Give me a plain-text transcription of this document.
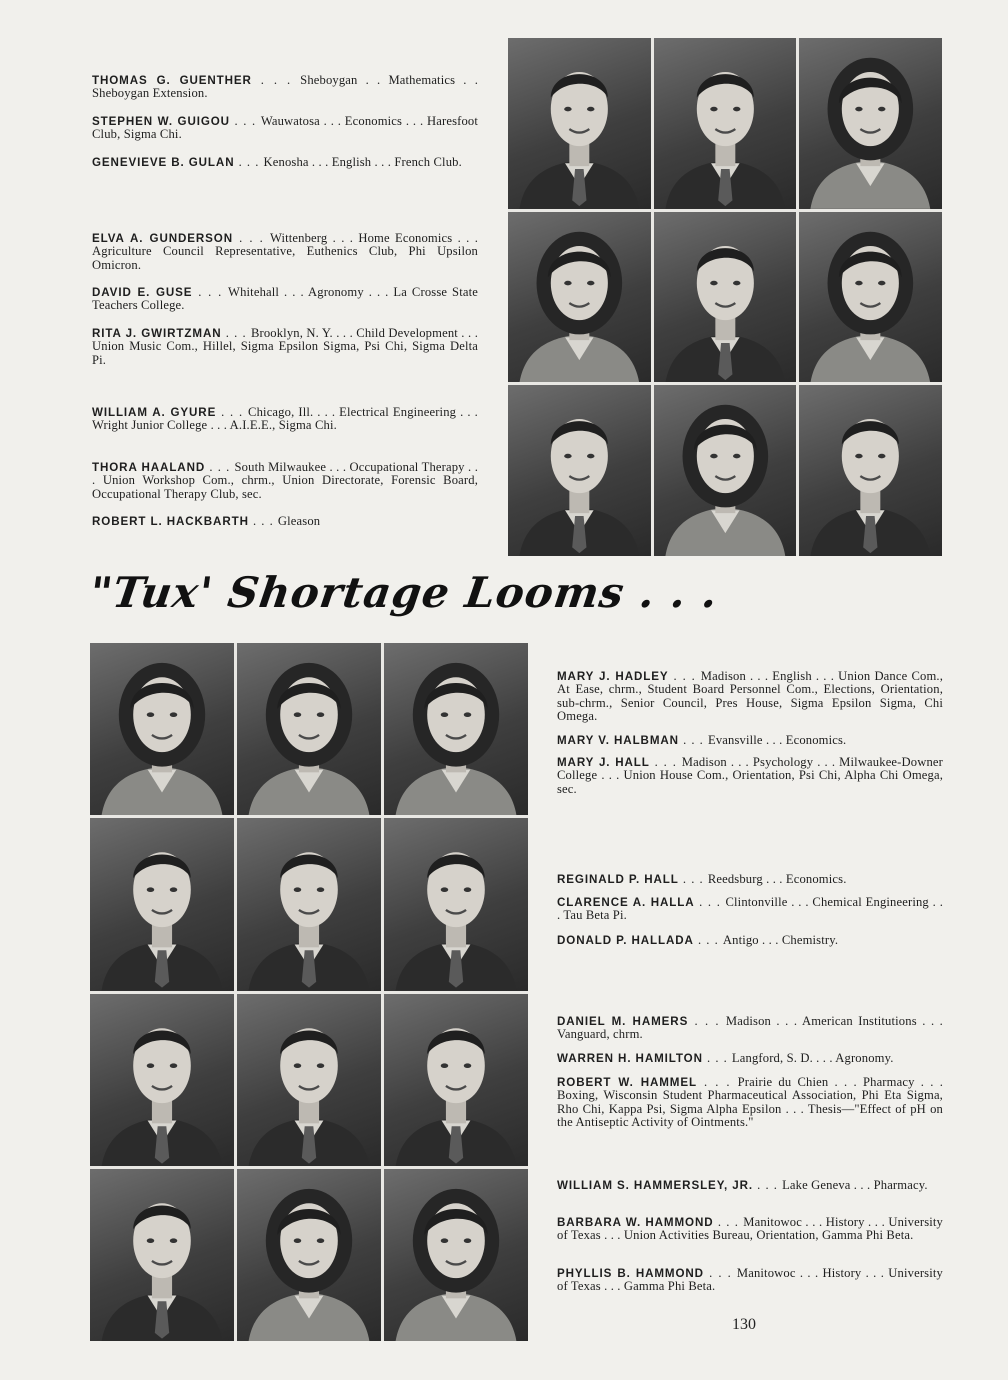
THOMAS G. GUENTHER . . . Sheboygan . . Mathematics . . Sheboygan Extension.
STEPHEN W. GUIGOU . . . Wauwatosa . . . Economics . . . Haresfoot Club, Sigma Chi.
GENEVIEVE B. GULAN . . . Kenosha . . . English . . . French Club.
ELVA A. GUNDERSON . . . Wittenberg . . . Home Economics . . . Agriculture Council Representative, Euthenics Club, Phi Upsilon Omicron.
DAVID E. GUSE . . . Whitehall . . . Agronomy . . . La Crosse State Teachers College.
RITA J. GWIRTZMAN . . . Brooklyn, N. Y. . . . Child Development . . . Union Music Com., Hillel, Sigma Epsilon Sigma, Psi Chi, Sigma Delta Pi.
WILLIAM A. GYURE . . . Chicago, Ill. . . . Electrical Engineering . . . Wright Junior College . . . A.I.E.E., Sigma Chi.
THORA HAALAND . . . South Milwaukee . . . Occupational Therapy . . . Union Workshop Com., chrm., Union Directorate, Forensic Board, Occupational Therapy Club, sec.
ROBERT L. HACKBARTH . . . Gleason
"Tux' Shortage Looms . . .
MARY J. HADLEY . . . Madison . . . English . . . Union Dance Com., At Ease, chrm., Student Board Personnel Com., Elections, Orientation, sub-chrm., Senior Council, Pres House, Sigma Epsilon Sigma, Chi Omega.
MARY V. HALBMAN . . . Evansville . . . Economics.
MARY J. HALL . . . Madison . . . Psychology . . . Milwaukee-Downer College . . . Union House Com., Orientation, Psi Chi, Alpha Chi Omega, sec.
REGINALD P. HALL . . . Reedsburg . . . Economics.
CLARENCE A. HALLA . . . Clintonville . . . Chemical Engineering . . . Tau Beta Pi.
DONALD P. HALLADA . . . Antigo . . . Chemistry.
DANIEL M. HAMERS . . . Madison . . . American Institutions . . . Vanguard, chrm.
WARREN H. HAMILTON . . . Langford, S. D. . . . Agronomy.
ROBERT W. HAMMEL . . . Prairie du Chien . . . Pharmacy . . . Boxing, Wisconsin Student Pharmaceutical Association, Phi Eta Sigma, Rho Chi, Kappa Psi, Sigma Alpha Epsilon . . . Thesis—"Effect of pH on the Antiseptic Activity of Ointments."
WILLIAM S. HAMMERSLEY, JR. . . . Lake Geneva . . . Pharmacy.
BARBARA W. HAMMOND . . . Manitowoc . . . History . . . University of Texas . . . Union Activities Bureau, Orientation, Gamma Phi Beta.
PHYLLIS B. HAMMOND . . . Manitowoc . . . History . . . University of Texas . . . Gamma Phi Beta.
130
